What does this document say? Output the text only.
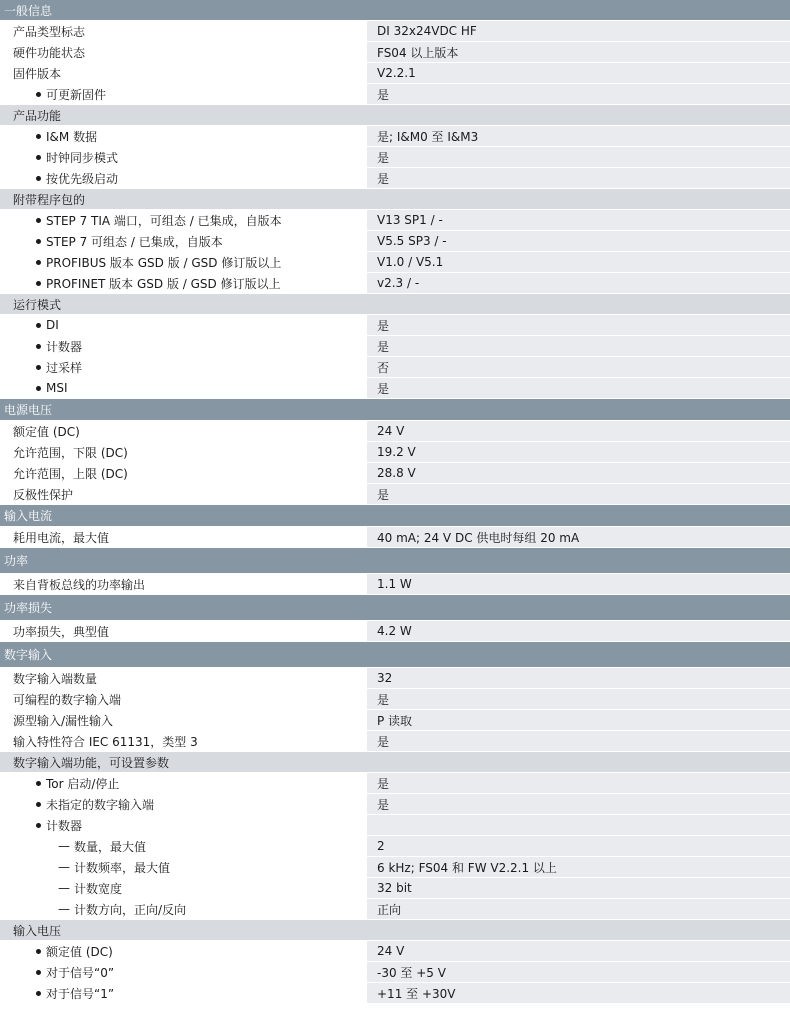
一般信息
产品类型标志	DI 32x24VDC HF
硬件功能状态	FS04 以上版本
固件版本	V2.2.1
可更新固件	是
产品功能
I&M 数据	是; I&M0 至 I&M3
时钟同步模式	是
按优先级启动	是
附带程序包的
STEP 7 TIA 端口，可组态 / 已集成，自版本	V13 SP1 / -
STEP 7 可组态 / 已集成，自版本	V5.5 SP3 / -
PROFIBUS 版本 GSD 版 / GSD 修订版以上	V1.0 / V5.1
PROFINET 版本 GSD 版 / GSD 修订版以上	v2.3 / -
运行模式
DI	是
计数器	是
过采样	否
MSI	是
电源电压
额定值 (DC)	24 V
允许范围，下限 (DC)	19.2 V
允许范围，上限 (DC)	28.8 V
反极性保护	是
输入电流
耗用电流，最大值	40 mA; 24 V DC 供电时每组 20 mA
功率
来自背板总线的功率输出	1.1 W
功率损失
功率损失，典型值	4.2 W
数字输入
数字输入端数量	32
可编程的数字输入端	是
源型输入/漏性输入	P 读取
输入特性符合 IEC 61131，类型 3	是
数字输入端功能，可设置参数
Tor 启动/停止	是
未指定的数字输入端	是
计数器
— 数量，最大值	2
— 计数频率，最大值	6 kHz; FS04 和 FW V2.2.1 以上
— 计数宽度	32 bit
— 计数方向，正向/反向	正向
输入电压
额定值 (DC)	24 V
对于信号“0”	-30 至 +5 V
对于信号“1”	+11 至 +30V
